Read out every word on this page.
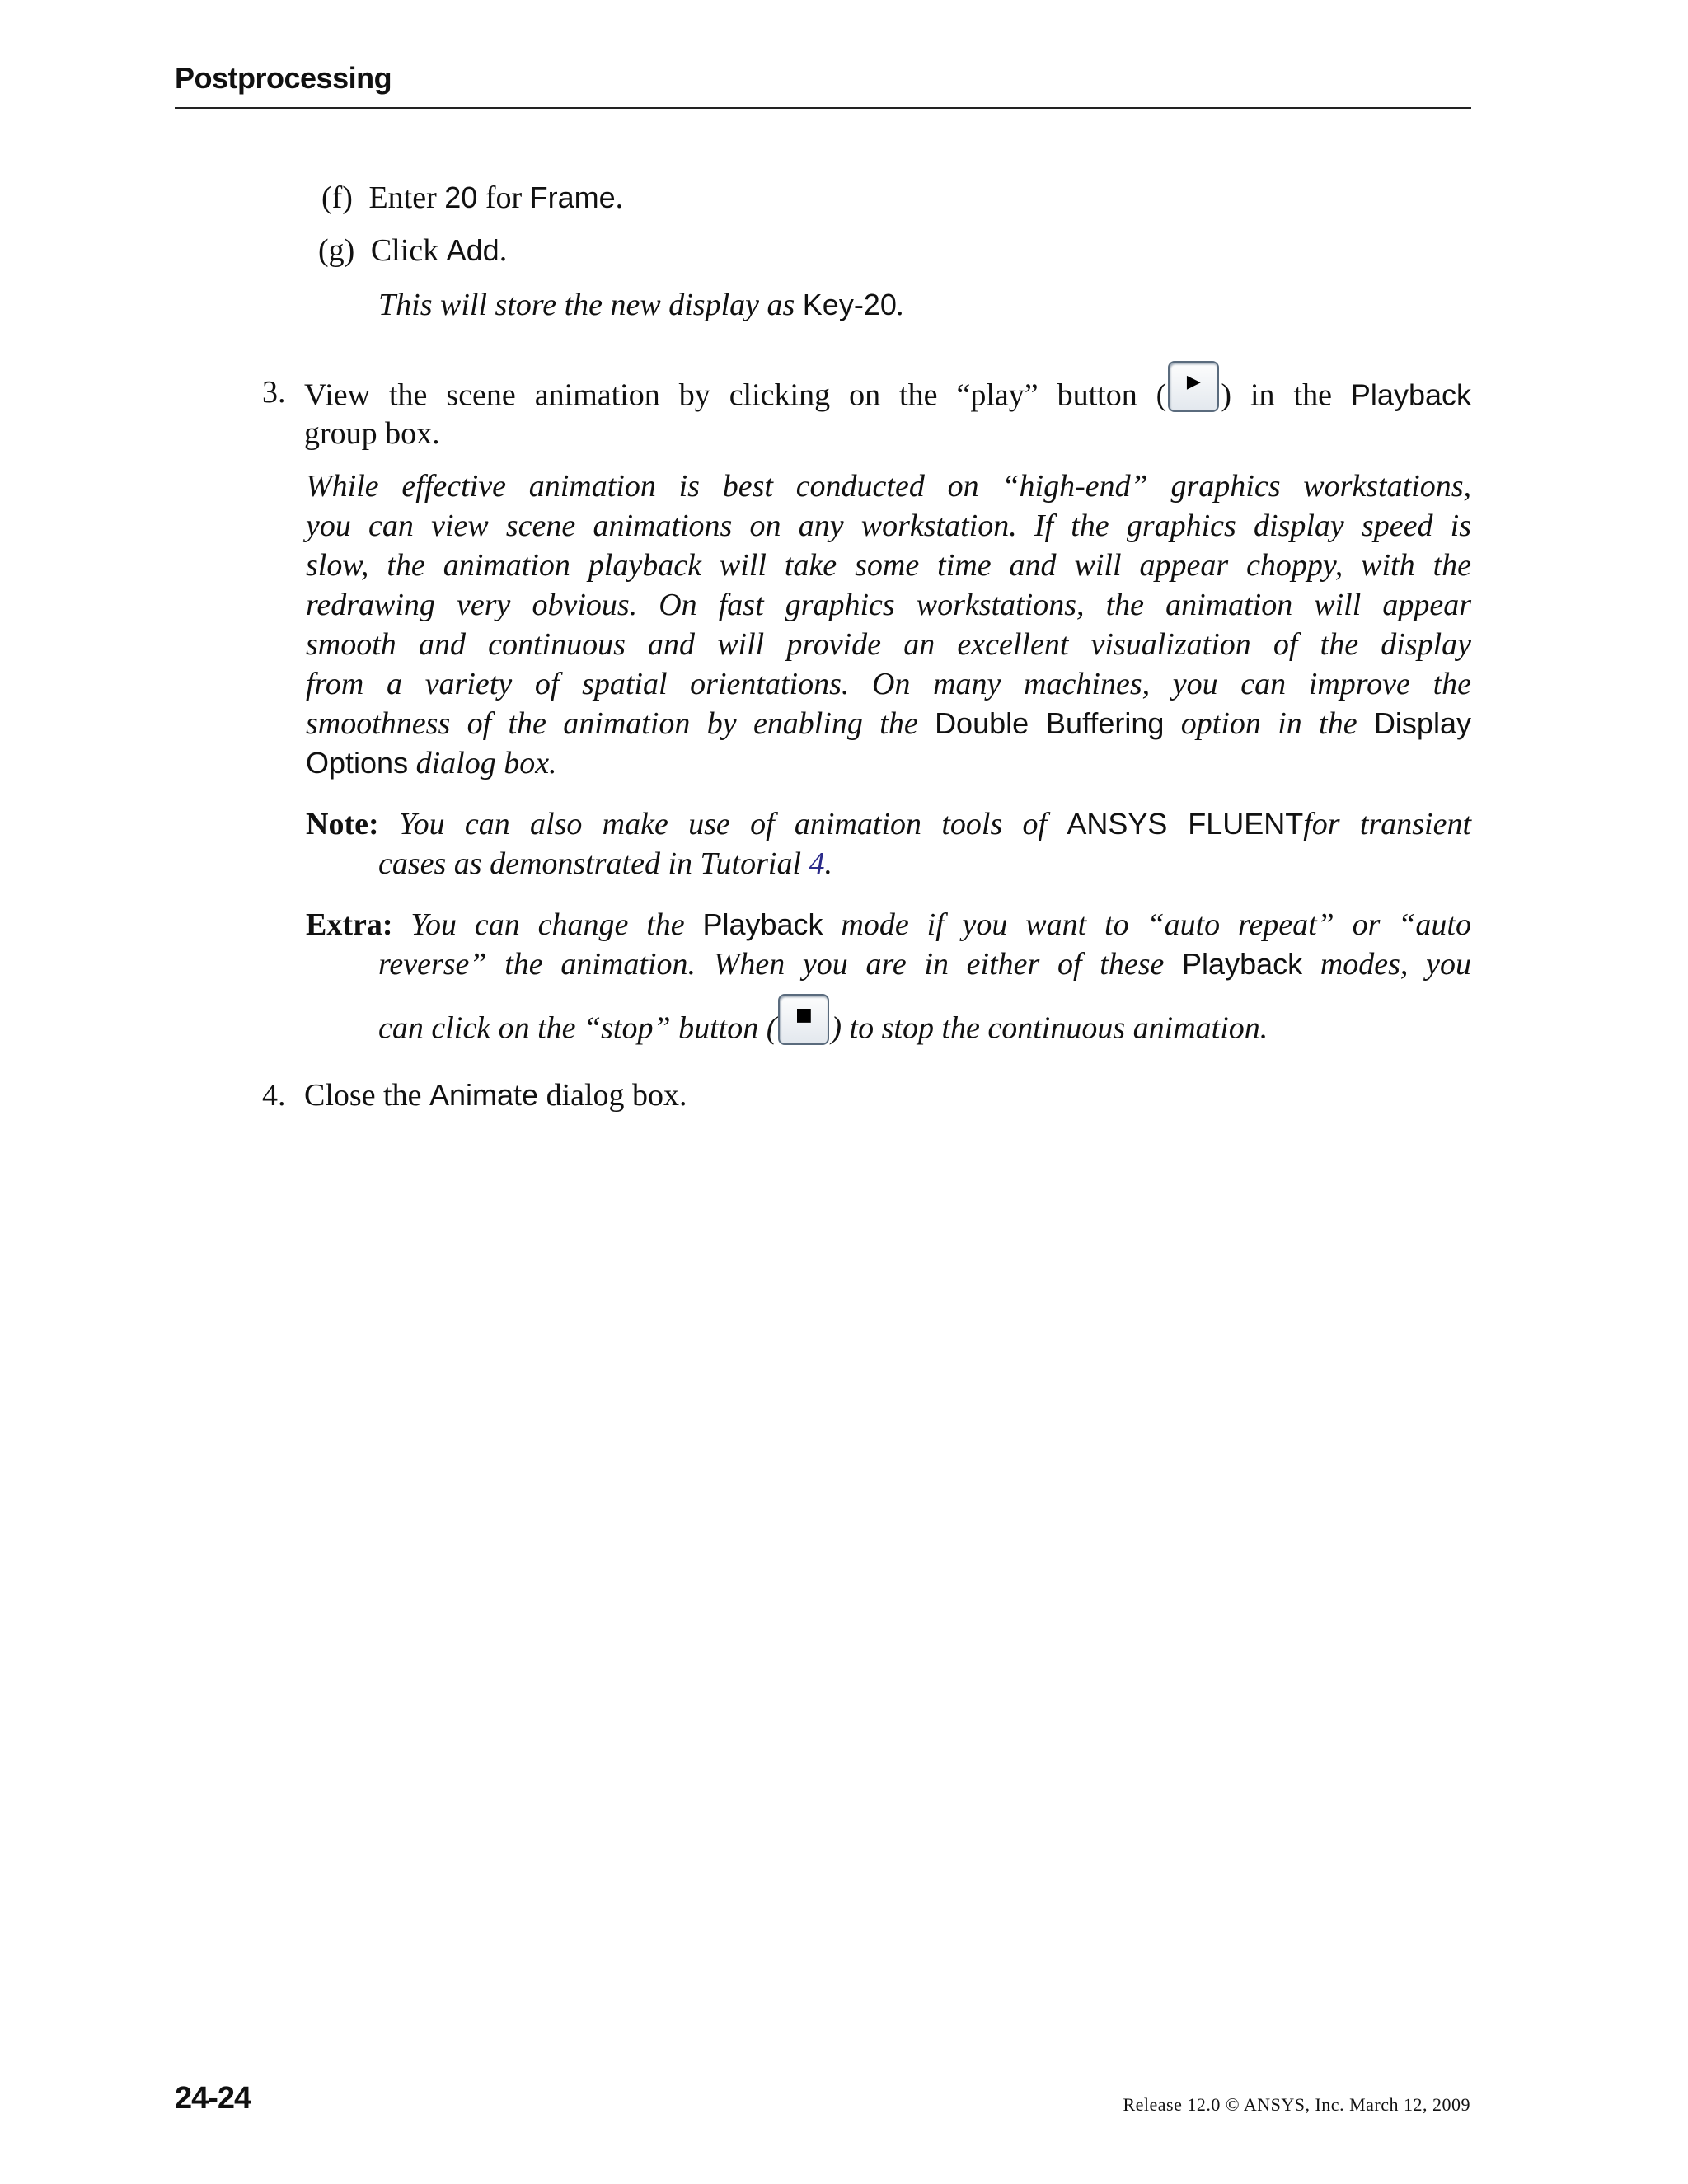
Postprocessing
(f) Enter 20 for Frame.
(g) Click Add.
This will store the new display as Key-20.
3. View the scene animation by clicking on the “play” button ( ▶ ) in the Playback
group box.
While effective animation is best conducted on “high-end” graphics workstations,
you can view scene animations on any workstation. If the graphics display speed is
slow, the animation playback will take some time and will appear choppy, with the
redrawing very obvious. On fast graphics workstations, the animation will appear
smooth and continuous and will provide an excellent visualization of the display
from a variety of spatial orientations. On many machines, you can improve the
smoothness of the animation by enabling the Double Buffering option in the Display
Options dialog box.
Note: You can also make use of animation tools of ANSYS FLUENTfor transient
cases as demonstrated in Tutorial 4.
Extra: You can change the Playback mode if you want to “auto repeat” or “auto
reverse” the animation. When you are in either of these Playback modes, you
can click on the “stop” button ( ■ ) to stop the continuous animation.
4. Close the Animate dialog box.
24-24	Release 12.0 © ANSYS, Inc. March 12, 2009
